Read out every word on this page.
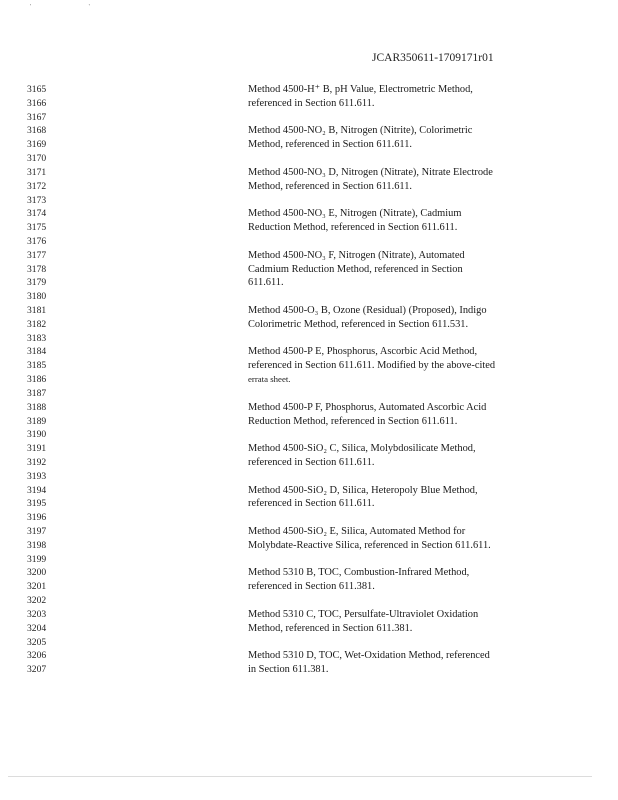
' '
JCAR350611-1709171r01
3165
3166
3167
3168
3169
3170
3171
3172
3173
3174
3175
3176
3177
3178
3179
3180
3181
3182
3183
3184
3185
3186
3187
3188
3189
3190
3191
3192
3193
3194
3195
3196
3197
3198
3199
3200
3201
3202
3203
3204
3205
3206
3207
Method 4500-H⁺ B, pH Value, Electrometric Method,
referenced in Section 611.611.
Method 4500-NO₂ B, Nitrogen (Nitrite), Colorimetric
Method, referenced in Section 611.611.
Method 4500-NO₃ D, Nitrogen (Nitrate), Nitrate Electrode
Method, referenced in Section 611.611.
Method 4500-NO₃ E, Nitrogen (Nitrate), Cadmium
Reduction Method, referenced in Section 611.611.
Method 4500-NO₃ F, Nitrogen (Nitrate), Automated
Cadmium Reduction Method, referenced in Section
611.611.
Method 4500-O₃ B, Ozone (Residual) (Proposed), Indigo
Colorimetric Method, referenced in Section 611.531.
Method 4500-P E, Phosphorus, Ascorbic Acid Method,
referenced in Section 611.611. Modified by the above-cited
errata sheet.
Method 4500-P F, Phosphorus, Automated Ascorbic Acid
Reduction Method, referenced in Section 611.611.
Method 4500-SiO₂ C, Silica, Molybdosilicate Method,
referenced in Section 611.611.
Method 4500-SiO₂ D, Silica, Heteropoly Blue Method,
referenced in Section 611.611.
Method 4500-SiO₂ E, Silica, Automated Method for
Molybdate-Reactive Silica, referenced in Section 611.611.
Method 5310 B, TOC, Combustion-Infrared Method,
referenced in Section 611.381.
Method 5310 C, TOC, Persulfate-Ultraviolet Oxidation
Method, referenced in Section 611.381.
Method 5310 D, TOC, Wet-Oxidation Method, referenced
in Section 611.381.
